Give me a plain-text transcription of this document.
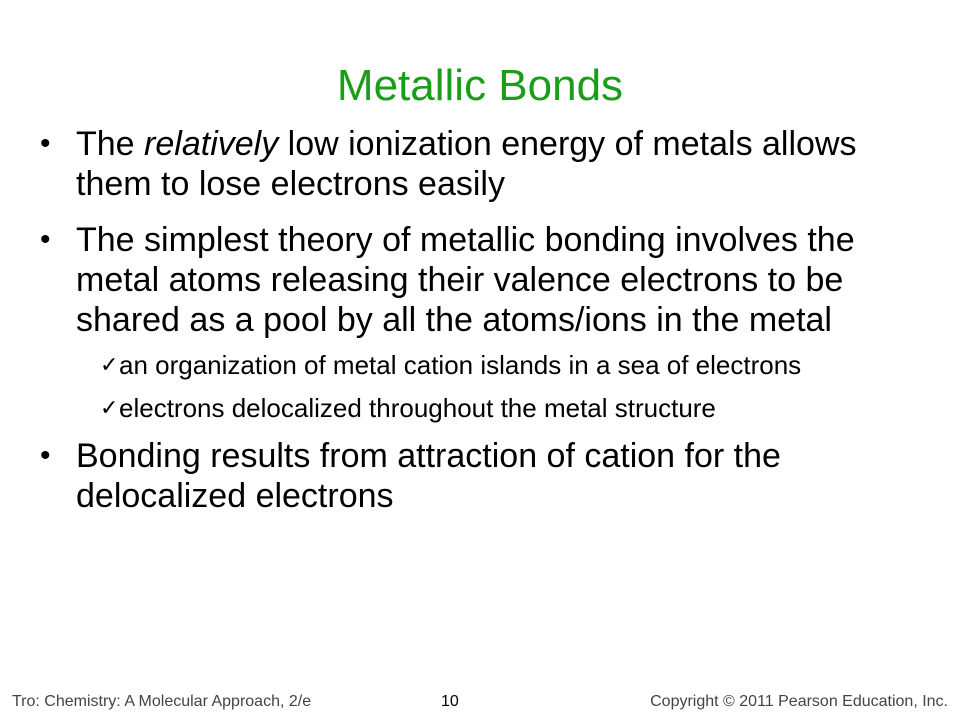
Metallic Bonds
• The relatively low ionization energy of metals allows them to lose electrons easily
• The simplest theory of metallic bonding involves the metal atoms releasing their valence electrons to be shared as a pool by all the atoms/ions in the metal
✓ an organization of metal cation islands in a sea of electrons
✓ electrons delocalized throughout the metal structure
• Bonding results from attraction of cation for the delocalized electrons
Tro: Chemistry: A Molecular Approach, 2/e	10	Copyright © 2011 Pearson Education, Inc.
